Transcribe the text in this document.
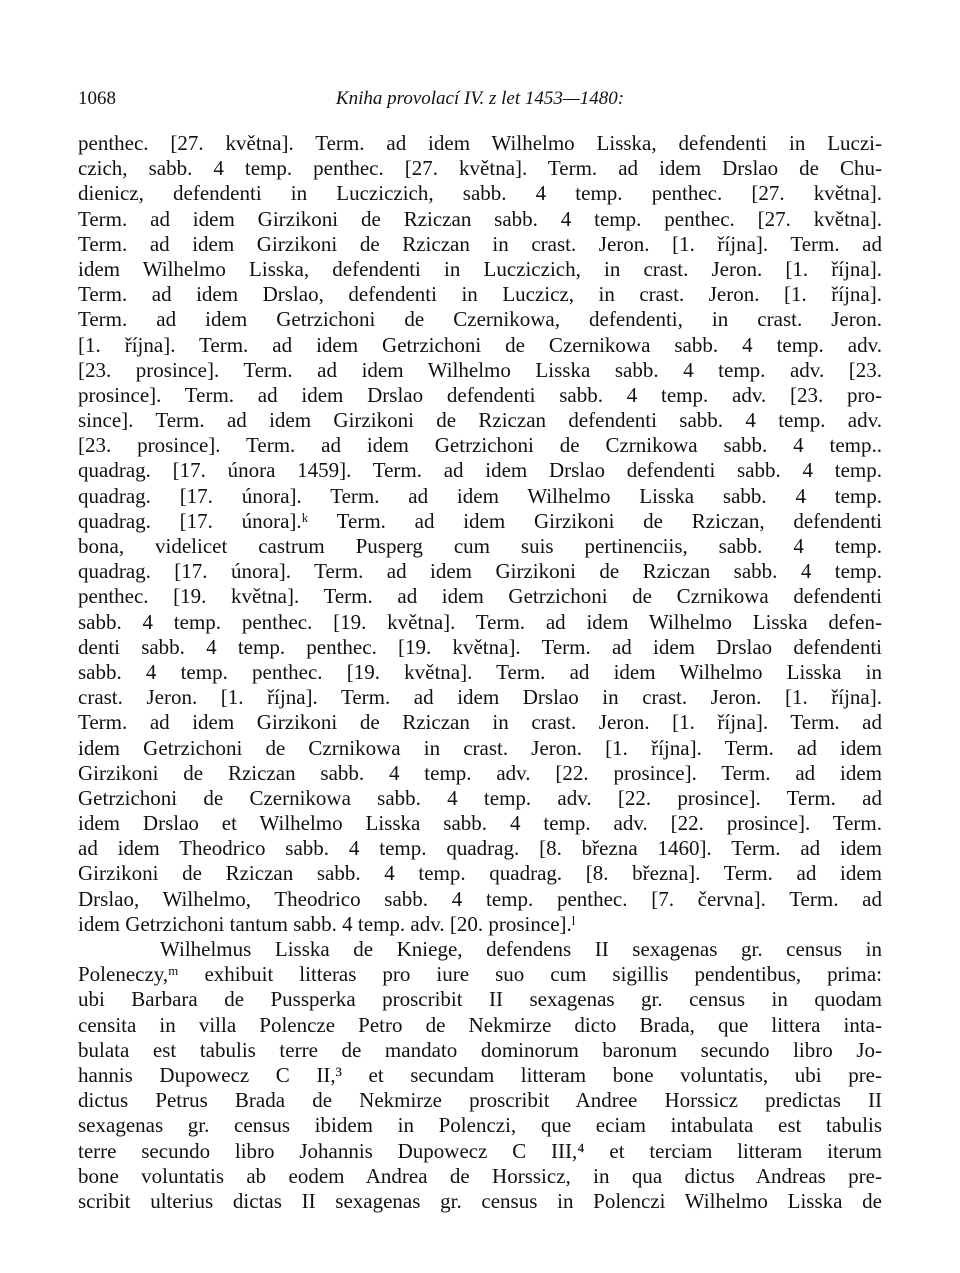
1068	Kniha provolací IV. z let 1453—1480:
penthec. [27. května]. Term. ad idem Wilhelmo Lisska, defendenti in Luczi-
czich, sabb. 4 temp. penthec. [27. května]. Term. ad idem Drslao de Chu-
dienicz, defendenti in Lucziczich, sabb. 4 temp. penthec. [27. května].
Term. ad idem Girzikoni de Rziczan sabb. 4 temp. penthec. [27. května].
Term. ad idem Girzikoni de Rziczan in crast. Jeron. [1. října]. Term. ad
idem Wilhelmo Lisska, defendenti in Lucziczich, in crast. Jeron. [1. října].
Term. ad idem Drslao, defendenti in Luczicz, in crast. Jeron. [1. října].
Term. ad idem Getrzichoni de Czernikowa, defendenti, in crast. Jeron.
[1. října]. Term. ad idem Getrzichoni de Czernikowa sabb. 4 temp. adv.
[23. prosince]. Term. ad idem Wilhelmo Lisska sabb. 4 temp. adv. [23.
prosince]. Term. ad idem Drslao defendenti sabb. 4 temp. adv. [23. pro-
since]. Term. ad idem Girzikoni de Rziczan defendenti sabb. 4 temp. adv.
[23. prosince]. Term. ad idem Getrzichoni de Czrnikowa sabb. 4 temp..
quadrag. [17. února 1459]. Term. ad idem Drslao defendenti sabb. 4 temp.
quadrag. [17. února]. Term. ad idem Wilhelmo Lisska sabb. 4 temp.
quadrag. [17. února].ᵏ Term. ad idem Girzikoni de Rziczan, defendenti
bona, videlicet castrum Pusperg cum suis pertinenciis, sabb. 4 temp.
quadrag. [17. února]. Term. ad idem Girzikoni de Rziczan sabb. 4 temp.
penthec. [19. května]. Term. ad idem Getrzichoni de Czrnikowa defendenti
sabb. 4 temp. penthec. [19. května]. Term. ad idem Wilhelmo Lisska defen-
denti sabb. 4 temp. penthec. [19. května]. Term. ad idem Drslao defendenti
sabb. 4 temp. penthec. [19. května]. Term. ad idem Wilhelmo Lisska in
crast. Jeron. [1. října]. Term. ad idem Drslao in crast. Jeron. [1. října].
Term. ad idem Girzikoni de Rziczan in crast. Jeron. [1. října]. Term. ad
idem Getrzichoni de Czrnikowa in crast. Jeron. [1. října]. Term. ad idem
Girzikoni de Rziczan sabb. 4 temp. adv. [22. prosince]. Term. ad idem
Getrzichoni de Czernikowa sabb. 4 temp. adv. [22. prosince]. Term. ad
idem Drslao et Wilhelmo Lisska sabb. 4 temp. adv. [22. prosince]. Term.
ad idem Theodrico sabb. 4 temp. quadrag. [8. března 1460]. Term. ad idem
Girzikoni de Rziczan sabb. 4 temp. quadrag. [8. března]. Term. ad idem
Drslao, Wilhelmo, Theodrico sabb. 4 temp. penthec. [7. června]. Term. ad
idem Getrzichoni tantum sabb. 4 temp. adv. [20. prosince].ˡ
Wilhelmus Lisska de Kniege, defendens II sexagenas gr. census in
Poleneczy,ᵐ exhibuit litteras pro iure suo cum sigillis pendentibus, prima:
ubi Barbara de Pussperka proscribit II sexagenas gr. census in quodam
censita in villa Polencze Petro de Nekmirze dicto Brada, que littera inta-
bulata est tabulis terre de mandato dominorum baronum secundo libro Jo-
hannis Dupowecz C II,³ et secundam litteram bone voluntatis, ubi pre-
dictus Petrus Brada de Nekmirze proscribit Andree Horssicz predictas II
sexagenas gr. census ibidem in Polenczi, que eciam intabulata est tabulis
terre secundo libro Johannis Dupowecz C III,⁴ et terciam litteram iterum
bone voluntatis ab eodem Andrea de Horssicz, in qua dictus Andreas pre-
scribit ulterius dictas II sexagenas gr. census in Polenczi Wilhelmo Lisska de
